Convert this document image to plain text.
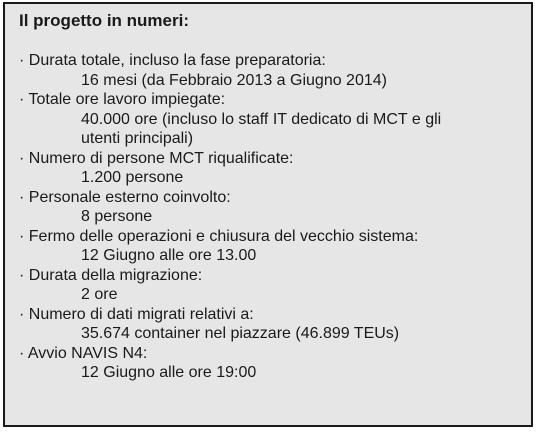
Il progetto in numeri:
· Durata totale, incluso la fase preparatoria:
16 mesi (da Febbraio 2013 a Giugno 2014)
· Totale ore lavoro impiegate:
40.000 ore (incluso lo staff IT dedicato di MCT e gli
utenti principali)
· Numero di persone MCT riqualificate:
1.200 persone
· Personale esterno coinvolto:
8 persone
· Fermo delle operazioni e chiusura del vecchio sistema:
12 Giugno alle ore 13.00
· Durata della migrazione:
2 ore
· Numero di dati migrati relativi a:
35.674 container nel piazzare (46.899 TEUs)
· Avvio NAVIS N4:
12 Giugno alle ore 19:00
